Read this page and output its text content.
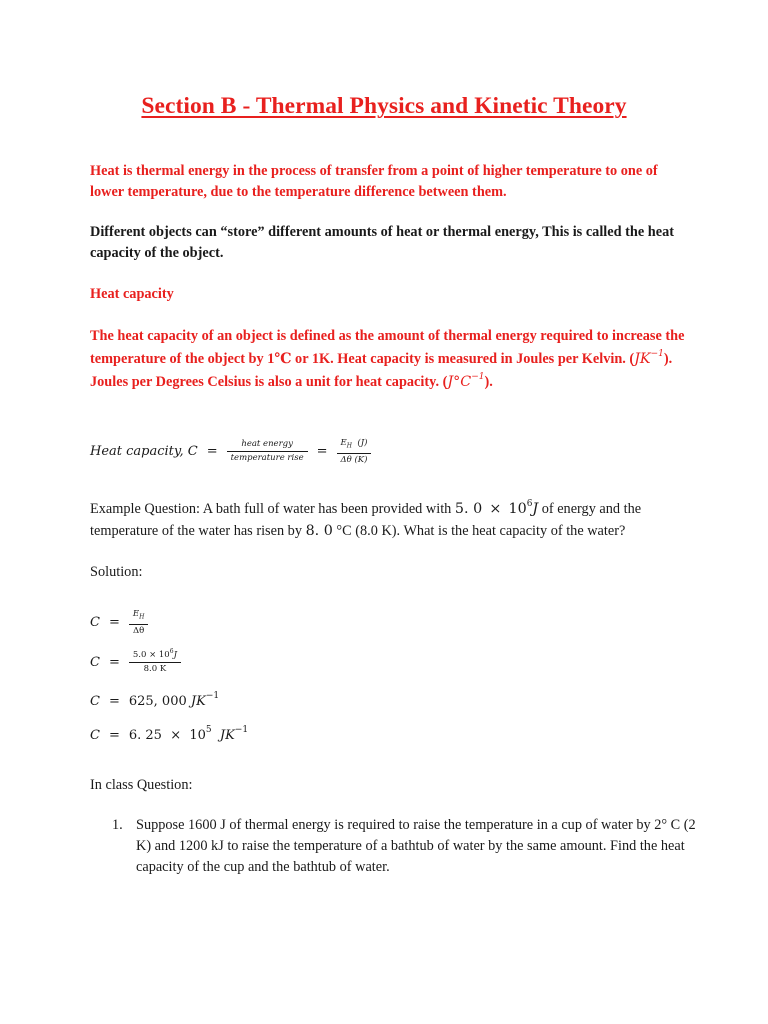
Section B - Thermal Physics and Kinetic Theory

Heat is thermal energy in the process of transfer from a point of higher temperature to one of lower temperature, due to the temperature difference between them.

Different objects can “store” different amounts of heat or thermal energy, This is called the heat capacity of the object.

Heat capacity

The heat capacity of an object is defined as the amount of thermal energy required to increase the temperature of the object by 1℃ or 1K. Heat capacity is measured in Joules per Kelvin. $(JK^{-1})$. Joules per Degrees Celsius is also a unit for heat capacity. $(J^\circ C^{-1})$.

Heat capacity, $C = \frac{\text{heat energy}}{\text{temperature rise}} = \frac{E_H (J)}{\Delta\theta (K)}$

Example Question: A bath full of water has been provided with 5. $0 \times 10^6J$ of energy and the temperature of the water has risen by 8. 0 °C (8.0 K). What is the heat capacity of the water?

Solution:

$C = \frac{E_H}{\Delta\theta}$
$C = \frac{5.0 \times 10^6J}{8.0 K}$
C = 625, 000 $JK^{-1}$
C = 6. $25 \times 10^5$ $JK^{-1}$

In class Question:

1. Suppose 1600 J of thermal energy is required to raise the temperature in a cup of water by 2° C (2 K) and 1200 kJ to raise the temperature of a bathtub of water by the same amount. Find the heat capacity of the cup and the bathtub of water.
